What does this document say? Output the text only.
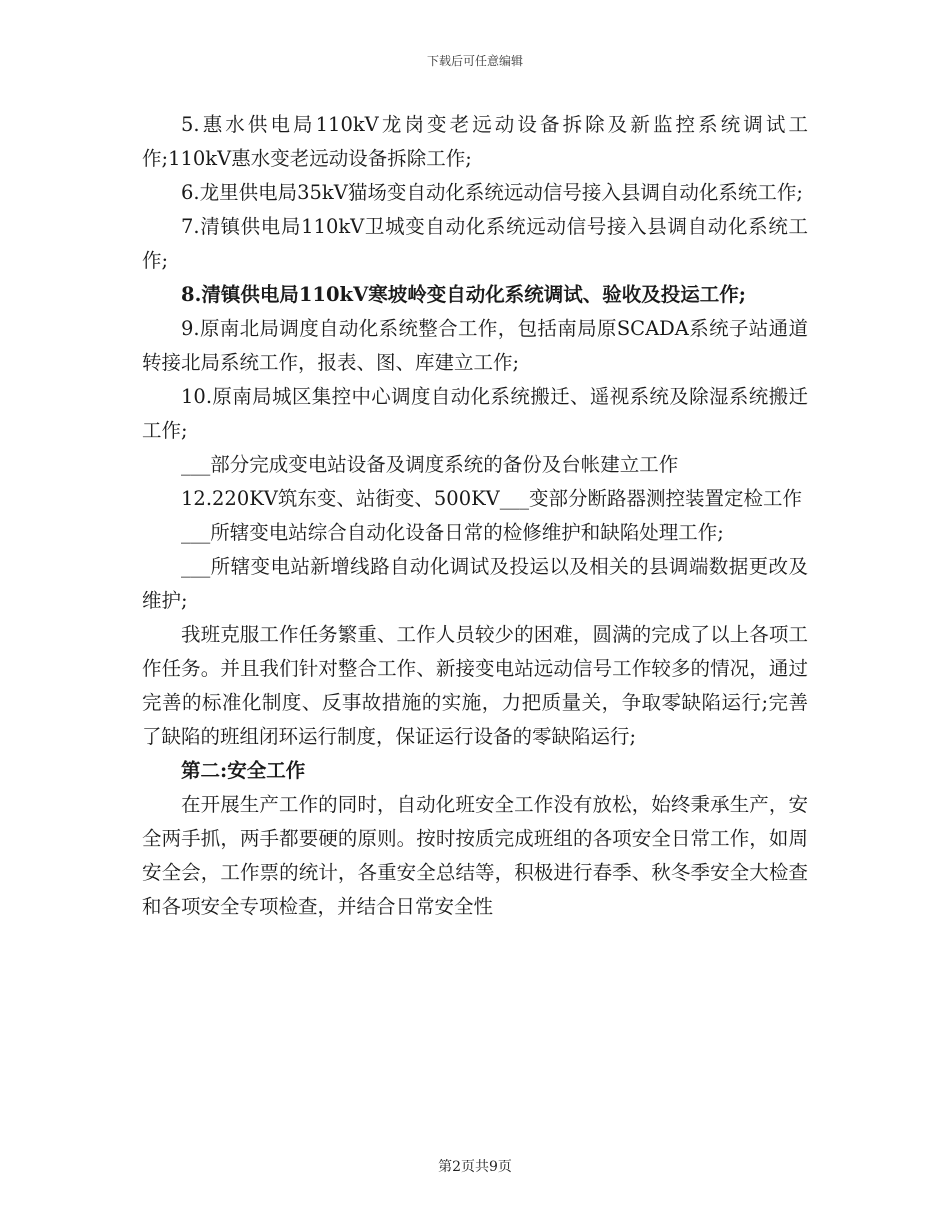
下载后可任意编辑

5.惠水供电局110kV龙岗变老远动设备拆除及新监控系统调试工作;110kV惠水变老远动设备拆除工作;

6.龙里供电局35kV猫场变自动化系统远动信号接入县调自动化系统工作;

7.清镇供电局110kV卫城变自动化系统远动信号接入县调自动化系统工作;

8.清镇供电局110kV寒坡岭变自动化系统调试、验收及投运工作;

9.原南北局调度自动化系统整合工作，包括南局原SCADA系统子站通道转接北局系统工作，报表、图、库建立工作;

10.原南局城区集控中心调度自动化系统搬迁、遥视系统及除湿系统搬迁工作;

___部分完成变电站设备及调度系统的备份及台帐建立工作

12.220KV筑东变、站街变、500KV___变部分断路器测控装置定检工作

___所辖变电站综合自动化设备日常的检修维护和缺陷处理工作;

___所辖变电站新增线路自动化调试及投运以及相关的县调端数据更改及维护;

我班克服工作任务繁重、工作人员较少的困难，圆满的完成了以上各项工作任务。并且我们针对整合工作、新接变电站远动信号工作较多的情况，通过完善的标准化制度、反事故措施的实施，力把质量关，争取零缺陷运行;完善了缺陷的班组闭环运行制度，保证运行设备的零缺陷运行;

第二:安全工作

在开展生产工作的同时，自动化班安全工作没有放松，始终秉承生产，安全两手抓，两手都要硬的原则。按时按质完成班组的各项安全日常工作，如周安全会，工作票的统计，各重安全总结等，积极进行春季、秋冬季安全大检查和各项安全专项检查，并结合日常安全性

第2页共9页
